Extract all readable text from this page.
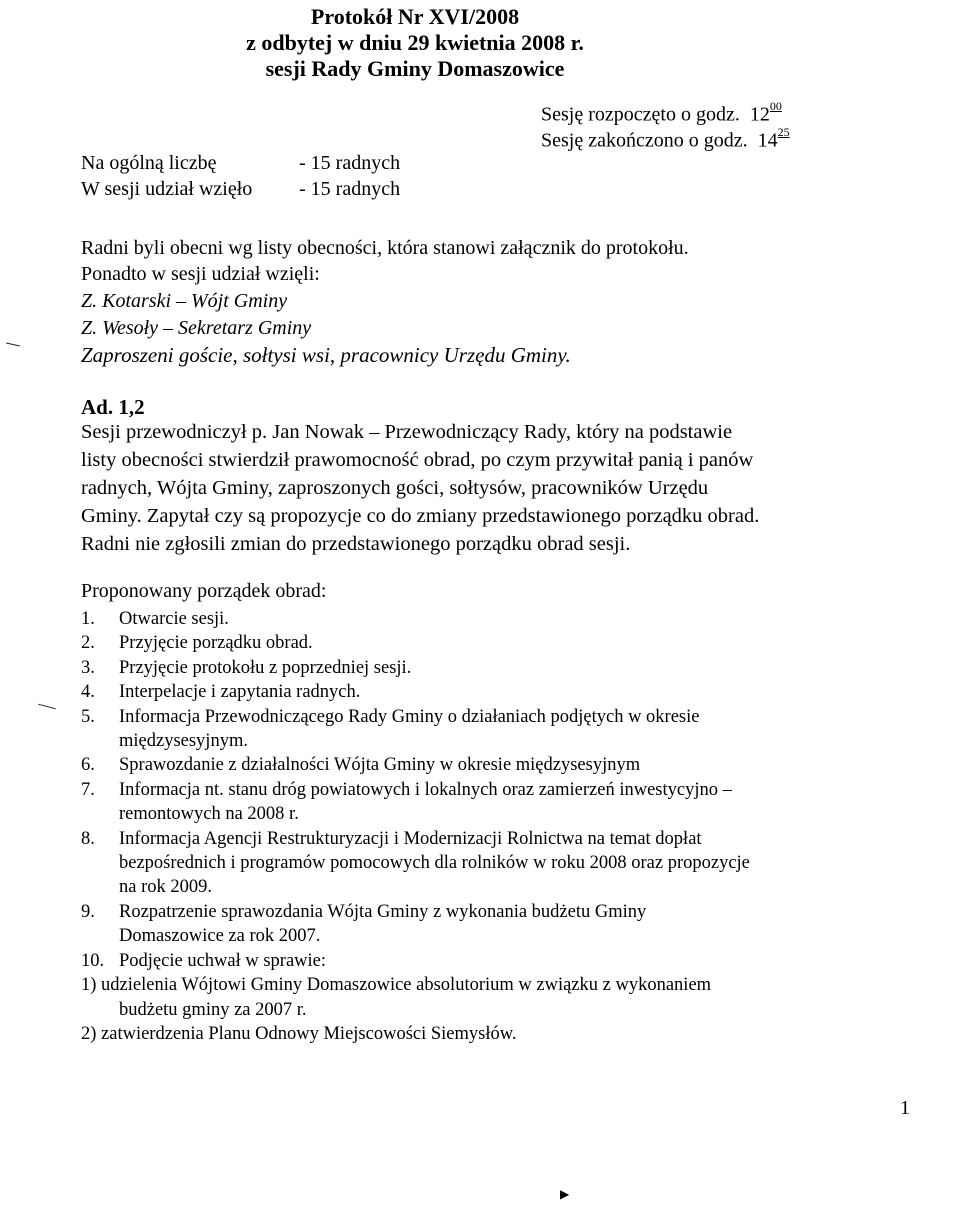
Protokół Nr XVI/2008
z odbytej w dniu 29 kwietnia 2008 r.
sesji Rady Gminy Domaszowice
Sesję rozpoczęto o godz. $12^{00}$
Sesję zakończono o godz. $14^{25}$
Na ogólną liczbę	- 15 radnych
W sesji udział wzięło - 15 radnych
Radni byli obecni wg listy obecności, która stanowi załącznik do protokołu.
Ponadto w sesji udział wzięli:
Z. Kotarski – Wójt Gminy
Z. Wesoły – Sekretarz Gminy
Zaproszeni goście, sołtysi wsi, pracownicy Urzędu Gminy.
Ad. 1,2
Sesji przewodniczył p. Jan Nowak – Przewodniczący Rady, który na podstawie
listy obecności stwierdził prawomocność obrad, po czym przywitał panią i panów
radnych, Wójta Gminy, zaproszonych gości, sołtysów, pracowników Urzędu
Gminy. Zapytał czy są propozycje co do zmiany przedstawionego porządku obrad.
Radni nie zgłosili zmian do przedstawionego porządku obrad sesji.
Proponowany porządek obrad:
1. Otwarcie sesji.
2. Przyjęcie porządku obrad.
3. Przyjęcie protokołu z poprzedniej sesji.
4. Interpelacje i zapytania radnych.
5. Informacja Przewodniczącego Rady Gminy o działaniach podjętych w okresie
międzysesyjnym.
6. Sprawozdanie z działalności Wójta Gminy w okresie międzysesyjnym
7. Informacja nt. stanu dróg powiatowych i lokalnych oraz zamierzeń inwestycyjno –
remontowych na 2008 r.
8. Informacja Agencji Restrukturyzacji i Modernizacji Rolnictwa na temat dopłat
bezpośrednich i programów pomocowych dla rolników w roku 2008 oraz propozycje
na rok 2009.
9. Rozpatrzenie sprawozdania Wójta Gminy z wykonania budżetu Gminy
Domaszowice za rok 2007.
10. Podjęcie uchwał w sprawie:
1) udzielenia Wójtowi Gminy Domaszowice absolutorium w związku z wykonaniem
budżetu gminy za 2007 r.
2) zatwierdzenia Planu Odnowy Miejscowości Siemysłów.
1
▶
